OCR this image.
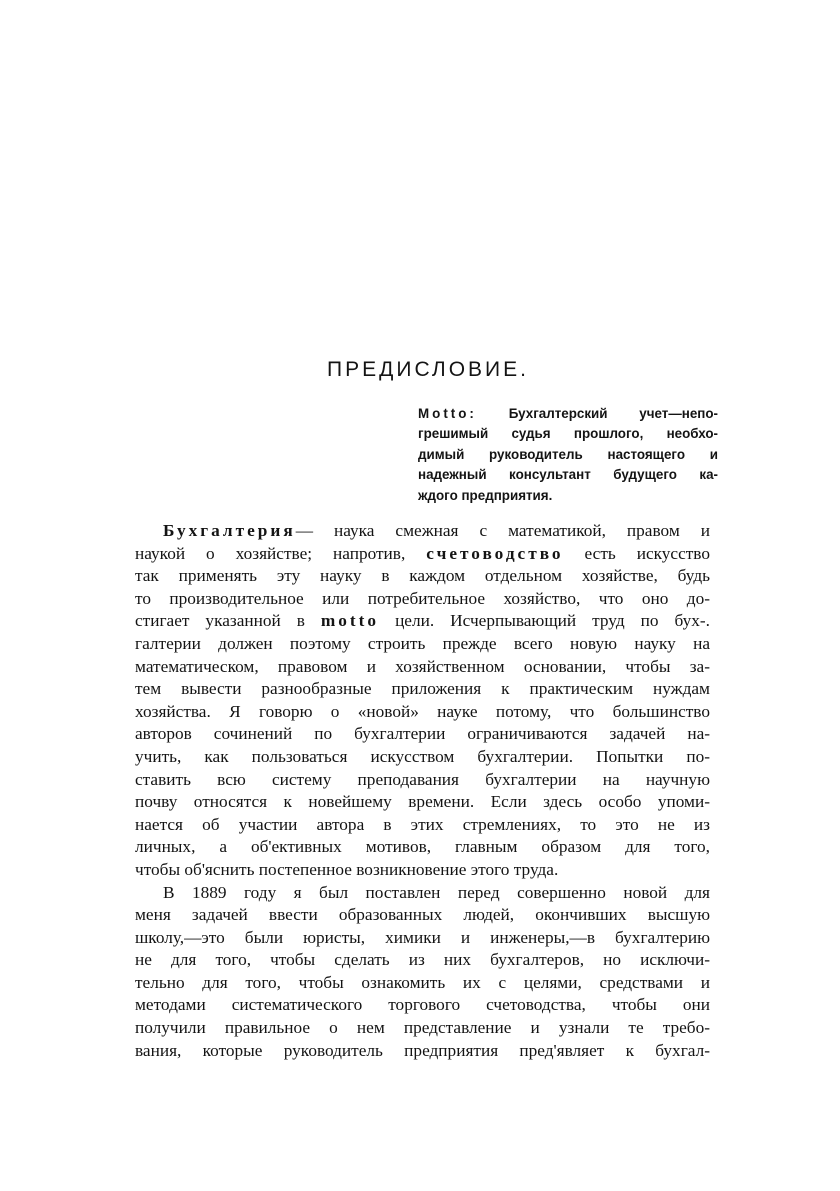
ПРЕДИСЛОВИЕ.
Motto: Бухгалтерский учет—непо-
грешимый судья прошлого, необхо-
димый руководитель настоящего и
надежный консультант будущего ка-
ждого предприятия.
Бухгалтерия— наука смежная с математикой, правом и
наукой о хозяйстве; напротив, счетоводство есть искусство
так применять эту науку в каждом отдельном хозяйстве, будь
то производительное или потребительное хозяйство, что оно до-
стигает указанной в motto цели. Исчерпывающий труд по бух-.
галтерии должен поэтому строить прежде всего новую науку на
математическом, правовом и хозяйственном основании, чтобы за-
тем вывести разнообразные приложения к практическим нуждам
хозяйства. Я говорю о «новой» науке потому, что большинство
авторов сочинений по бухгалтерии ограничиваются задачей на-
учить, как пользоваться искусством бухгалтерии. Попытки по-
ставить всю систему преподавания бухгалтерии на научную
почву относятся к новейшему времени. Если здесь особо упоми-
нается об участии автора в этих стремлениях, то это не из
личных, а об'ективных мотивов, главным образом для того,
чтобы об'яснить постепенное возникновение этого труда.
В 1889 году я был поставлен перед совершенно новой для
меня задачей ввести образованных людей, окончивших высшую
школу,—это были юристы, химики и инженеры,—в бухгалтерию
не для того, чтобы сделать из них бухгалтеров, но исключи-
тельно для того, чтобы ознакомить их с целями, средствами и
методами систематического торгового счетоводства, чтобы они
получили правильное о нем представление и узнали те требо-
вания, которые руководитель предприятия пред'являет к бухгал-
